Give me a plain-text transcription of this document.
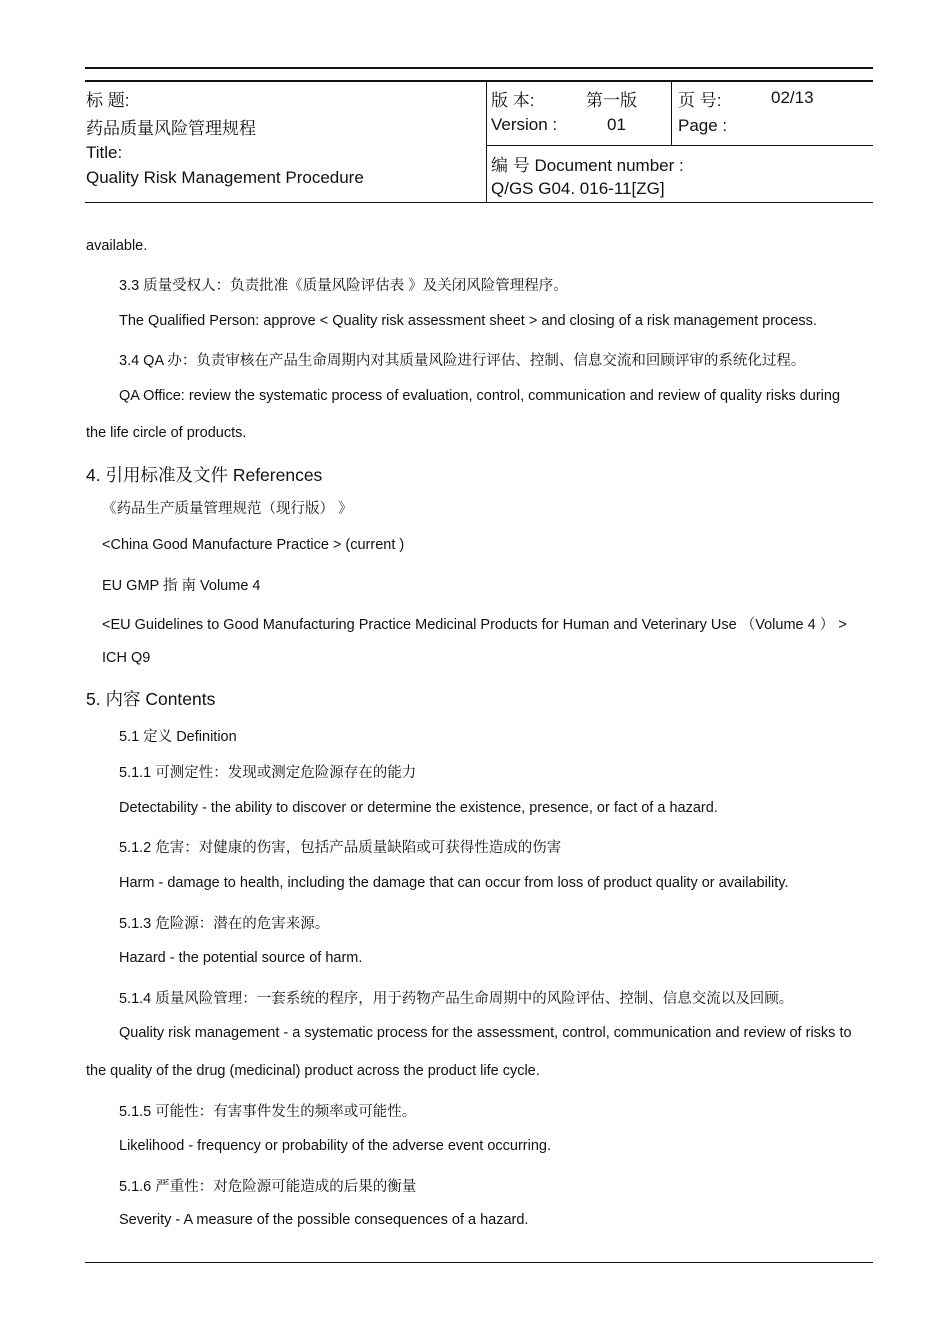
标 题:
药品质量风险管理规程
Title:
Quality Risk Management Procedure
版 本:	第一版
Version :	01
页 号:	02/13
Page :
编 号 Document number :
Q/GS G04. 016-11[ZG]
available.
3.3 质量受权人：负责批准《质量风险评估表 》及关闭风险管理程序。
The Qualified Person: approve < Quality risk assessment sheet > and closing of a risk management process.
3.4 QA 办：负责审核在产品生命周期内对其质量风险进行评估、控制、信息交流和回顾评审的系统化过程。
QA Office: review the systematic process of evaluation, control, communication and review of quality risks during
the life circle of products.
4. 引用标准及文件 References
《药品生产质量管理规范（现行版） 》
<China Good Manufacture Practice > (current )
EU GMP 指 南 Volume 4
<EU Guidelines to Good Manufacturing Practice Medicinal Products for Human and Veterinary Use （Volume 4 ） >
ICH Q9
5. 内容 Contents
5.1 定义 Definition
5.1.1 可测定性：发现或测定危险源存在的能力
Detectability - the ability to discover or determine the existence, presence, or fact of a hazard.
5.1.2 危害：对健康的伤害，包括产品质量缺陷或可获得性造成的伤害
Harm - damage to health, including the damage that can occur from loss of product quality or availability.
5.1.3 危险源：潜在的危害来源。
Hazard - the potential source of harm.
5.1.4 质量风险管理：一套系统的程序，用于药物产品生命周期中的风险评估、控制、信息交流以及回顾。
Quality risk management - a systematic process for the assessment, control, communication and review of risks to
the quality of the drug (medicinal) product across the product life cycle.
5.1.5 可能性：有害事件发生的频率或可能性。
Likelihood - frequency or probability of the adverse event occurring.
5.1.6 严重性：对危险源可能造成的后果的衡量
Severity - A measure of the possible consequences of a hazard.
